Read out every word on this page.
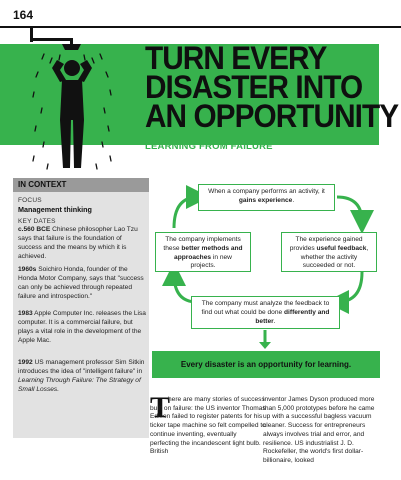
164
TURN EVERY
DISASTER INTO
AN OPPORTUNITY
LEARNING FROM FAILURE
IN CONTEXT
FOCUS
Management thinking
KEY DATES
c.560 BCE Chinese philosopher Lao Tzu says that failure is the foundation of success and the means by which it is achieved.
1960s Soichiro Honda, founder of the Honda Motor Company, says that "success can only be achieved through repeated failure and introspection."
1983 Apple Computer Inc. releases the Lisa computer. It is a commercial failure, but plays a vital role in the development of the Apple Mac.
1992 US management professor Sim Sitkin introduces the idea of "intelligent failure" in Learning Through Failure: The Strategy of Small Losses.
When a company performs an activity, it gains experience.
The company implements these better methods and approaches in new projects.
The experience gained provides useful feedback, whether the activity succeeded or not.
The company must analyze the feedback to find out what could be done differently and better.
Every disaster is an opportunity for learning.
T
here are many stories of success built on failure: the US inventor Thomas Edison failed to register patents for his ticker tape machine so felt compelled to continue inventing, eventually perfecting the incandescent light bulb. British
inventor James Dyson produced more than 5,000 prototypes before he came up with a successful bagless vacuum cleaner. Success for entrepreneurs always involves trial and error, and resilience. US industrialist J. D. Rockefeller, the world's first dollar-billionaire, looked
